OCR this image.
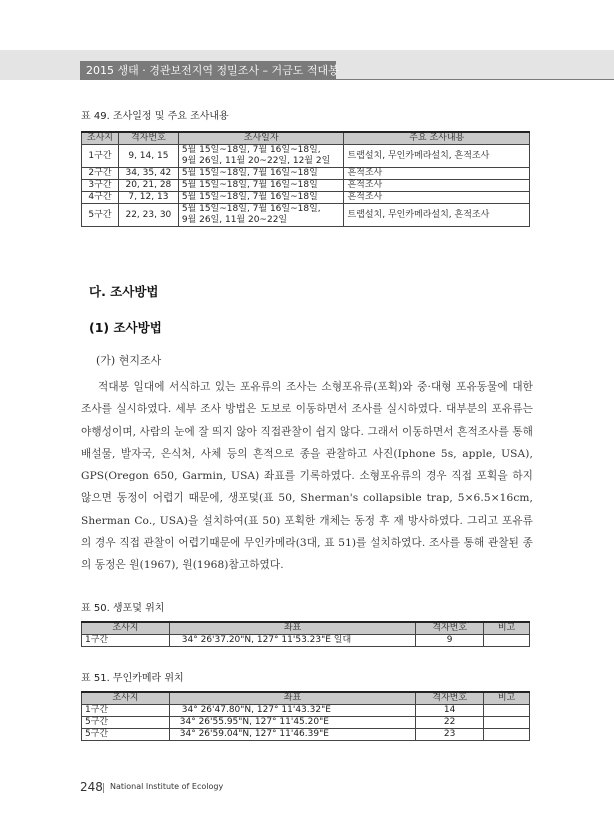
2015 생태 · 경관보전지역 정밀조사 – 거금도 적대봉
표 49. 조사일정 및 주요 조사내용
조사지	격자번호	조사일자	주요 조사내용
1구간	9, 14, 15	5월 15일~18일, 7월 16일~18일,
9월 26일, 11월 20~22일, 12월 2일	트랩설치, 무인카메라설치, 흔적조사
2구간	34, 35, 42	5월 15일~18일, 7월 16일~18일	흔적조사
3구간	20, 21, 28	5월 15일~18일, 7월 16일~18일	흔적조사
4구간	7, 12, 13	5월 15일~18일, 7월 16일~18일	흔적조사
5구간	22, 23, 30	5월 15일~18일, 7월 16일~18일,
9월 26일, 11월 20~22일	트랩설치, 무인카메라설치, 흔적조사
다. 조사방법
(1) 조사방법
(가) 현지조사
적대봉 일대에 서식하고 있는 포유류의 조사는 소형포유류(포획)와 중·대형 포유동물에 대한 조사를 실시하였다. 세부 조사 방법은 도보로 이동하면서 조사를 실시하였다. 대부분의 포유류는 야행성이며, 사람의 눈에 잘 띄지 않아 직접관찰이 쉽지 않다. 그래서 이동하면서 흔적조사를 통해 배설물, 발자국, 은식처, 사체 등의 흔적으로 종을 관찰하고 사진(Iphone 5s, apple, USA), GPS(Oregon 650, Garmin, USA) 좌표를 기록하였다. 소형포유류의 경우 직접 포획을 하지 않으면 동정이 어렵기 때문에, 생포덫(표 50, Sherman's collapsible trap, 5×6.5×16cm, Sherman Co., USA)을 설치하여(표 50) 포획한 개체는 동정 후 재 방사하였다. 그리고 포유류의 경우 직접 관찰이 어렵기때문에 무인카메라(3대, 표 51)를 설치하였다. 조사를 통해 관찰된 종의 동정은 원(1967), 원(1968)참고하였다.
표 50. 생포덫 위치
조사지	좌표	격자번호	비고
1구간	34° 26'37.20"N, 127° 11'53.23"E 일대	9	
표 51. 무인카메라 위치
조사지	좌표	격자번호	비고
1구간	34° 26'47.80"N, 127° 11'43.32"E	14	
5구간	34° 26'55.95"N, 127° 11'45.20"E	22	
5구간	34° 26'59.04"N, 127° 11'46.39"E	23	
248 National Institute of Ecology
